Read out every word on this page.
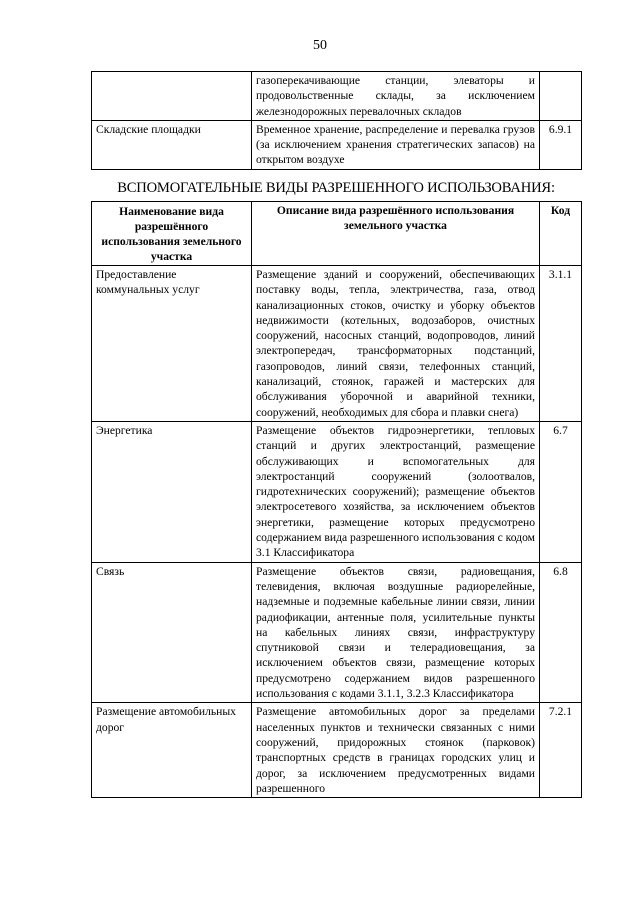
50
	газоперекачивающие станции, элеваторы и продовольственные склады, за исключением железнодорожных перевалочных складов	
Складские площадки	Временное хранение, распределение и перевалка грузов (за исключением хранения стратегических запасов) на открытом воздухе	6.9.1
ВСПОМОГАТЕЛЬНЫЕ ВИДЫ РАЗРЕШЕННОГО ИСПОЛЬЗОВАНИЯ:
Наименование вида разрешённого использования земельного участка	Описание вида разрешённого использования земельного участка	Код
Предоставление коммунальных услуг	Размещение зданий и сооружений, обеспечивающих поставку воды, тепла, электричества, газа, отвод канализационных стоков, очистку и уборку объектов недвижимости (котельных, водозаборов, очистных сооружений, насосных станций, водопроводов, линий электропередач, трансформаторных подстанций, газопроводов, линий связи, телефонных станций, канализаций, стоянок, гаражей и мастерских для обслуживания уборочной и аварийной техники, сооружений, необходимых для сбора и плавки снега)	3.1.1
Энергетика	Размещение объектов гидроэнергетики, тепловых станций и других электростанций, размещение обслуживающих и вспомогательных для электростанций сооружений (золоотвалов, гидротехнических сооружений); размещение объектов электросетевого хозяйства, за исключением объектов энергетики, размещение которых предусмотрено содержанием вида разрешенного использования с кодом 3.1 Классификатора	6.7
Связь	Размещение объектов связи, радиовещания, телевидения, включая воздушные радиорелейные, надземные и подземные кабельные линии связи, линии радиофикации, антенные поля, усилительные пункты на кабельных линиях связи, инфраструктуру спутниковой связи и телерадиовещания, за исключением объектов связи, размещение которых предусмотрено содержанием видов разрешенного использования с кодами 3.1.1, 3.2.3 Классификатора	6.8
Размещение автомобильных дорог	Размещение автомобильных дорог за пределами населенных пунктов и технически связанных с ними сооружений, придорожных стоянок (парковок) транспортных средств в границах городских улиц и дорог, за исключением предусмотренных видами разрешенного	7.2.1
